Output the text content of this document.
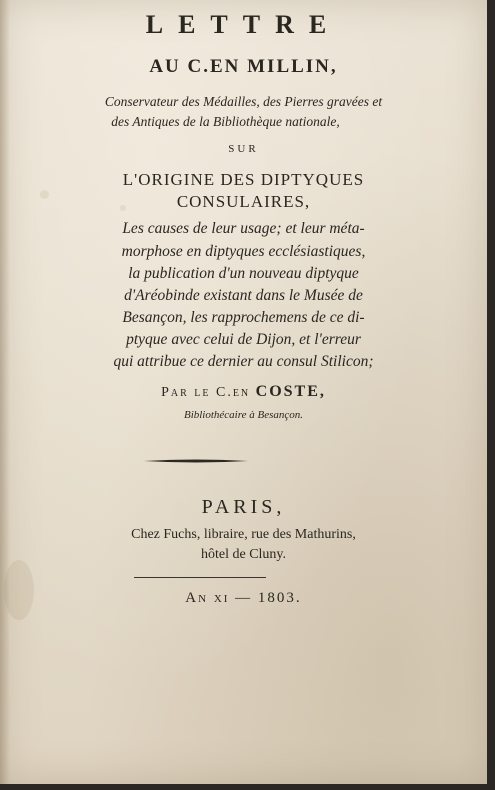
LETTRE
AU C.EN MILLIN,
Conservateur des Médailles, des Pierres gravées et
des Antiques de la Bibliothèque nationale,
SUR
L'ORIGINE DES DIPTYQUES
CONSULAIRES,
Les causes de leur usage; et leur méta-
morphose en diptyques ecclésiastiques,
la publication d'un nouveau diptyque
d'Aréobinde existant dans le Musée de
Besançon, les rapprochemens de ce di-
ptyque avec celui de Dijon, et l'erreur
qui attribue ce dernier au consul Stilicon;
Par le C.en COSTE,
Bibliothécaire à Besançon.
PARIS,
Chez Fuchs, libraire, rue des Mathurins,
hôtel de Cluny.
An xi — 1803.
